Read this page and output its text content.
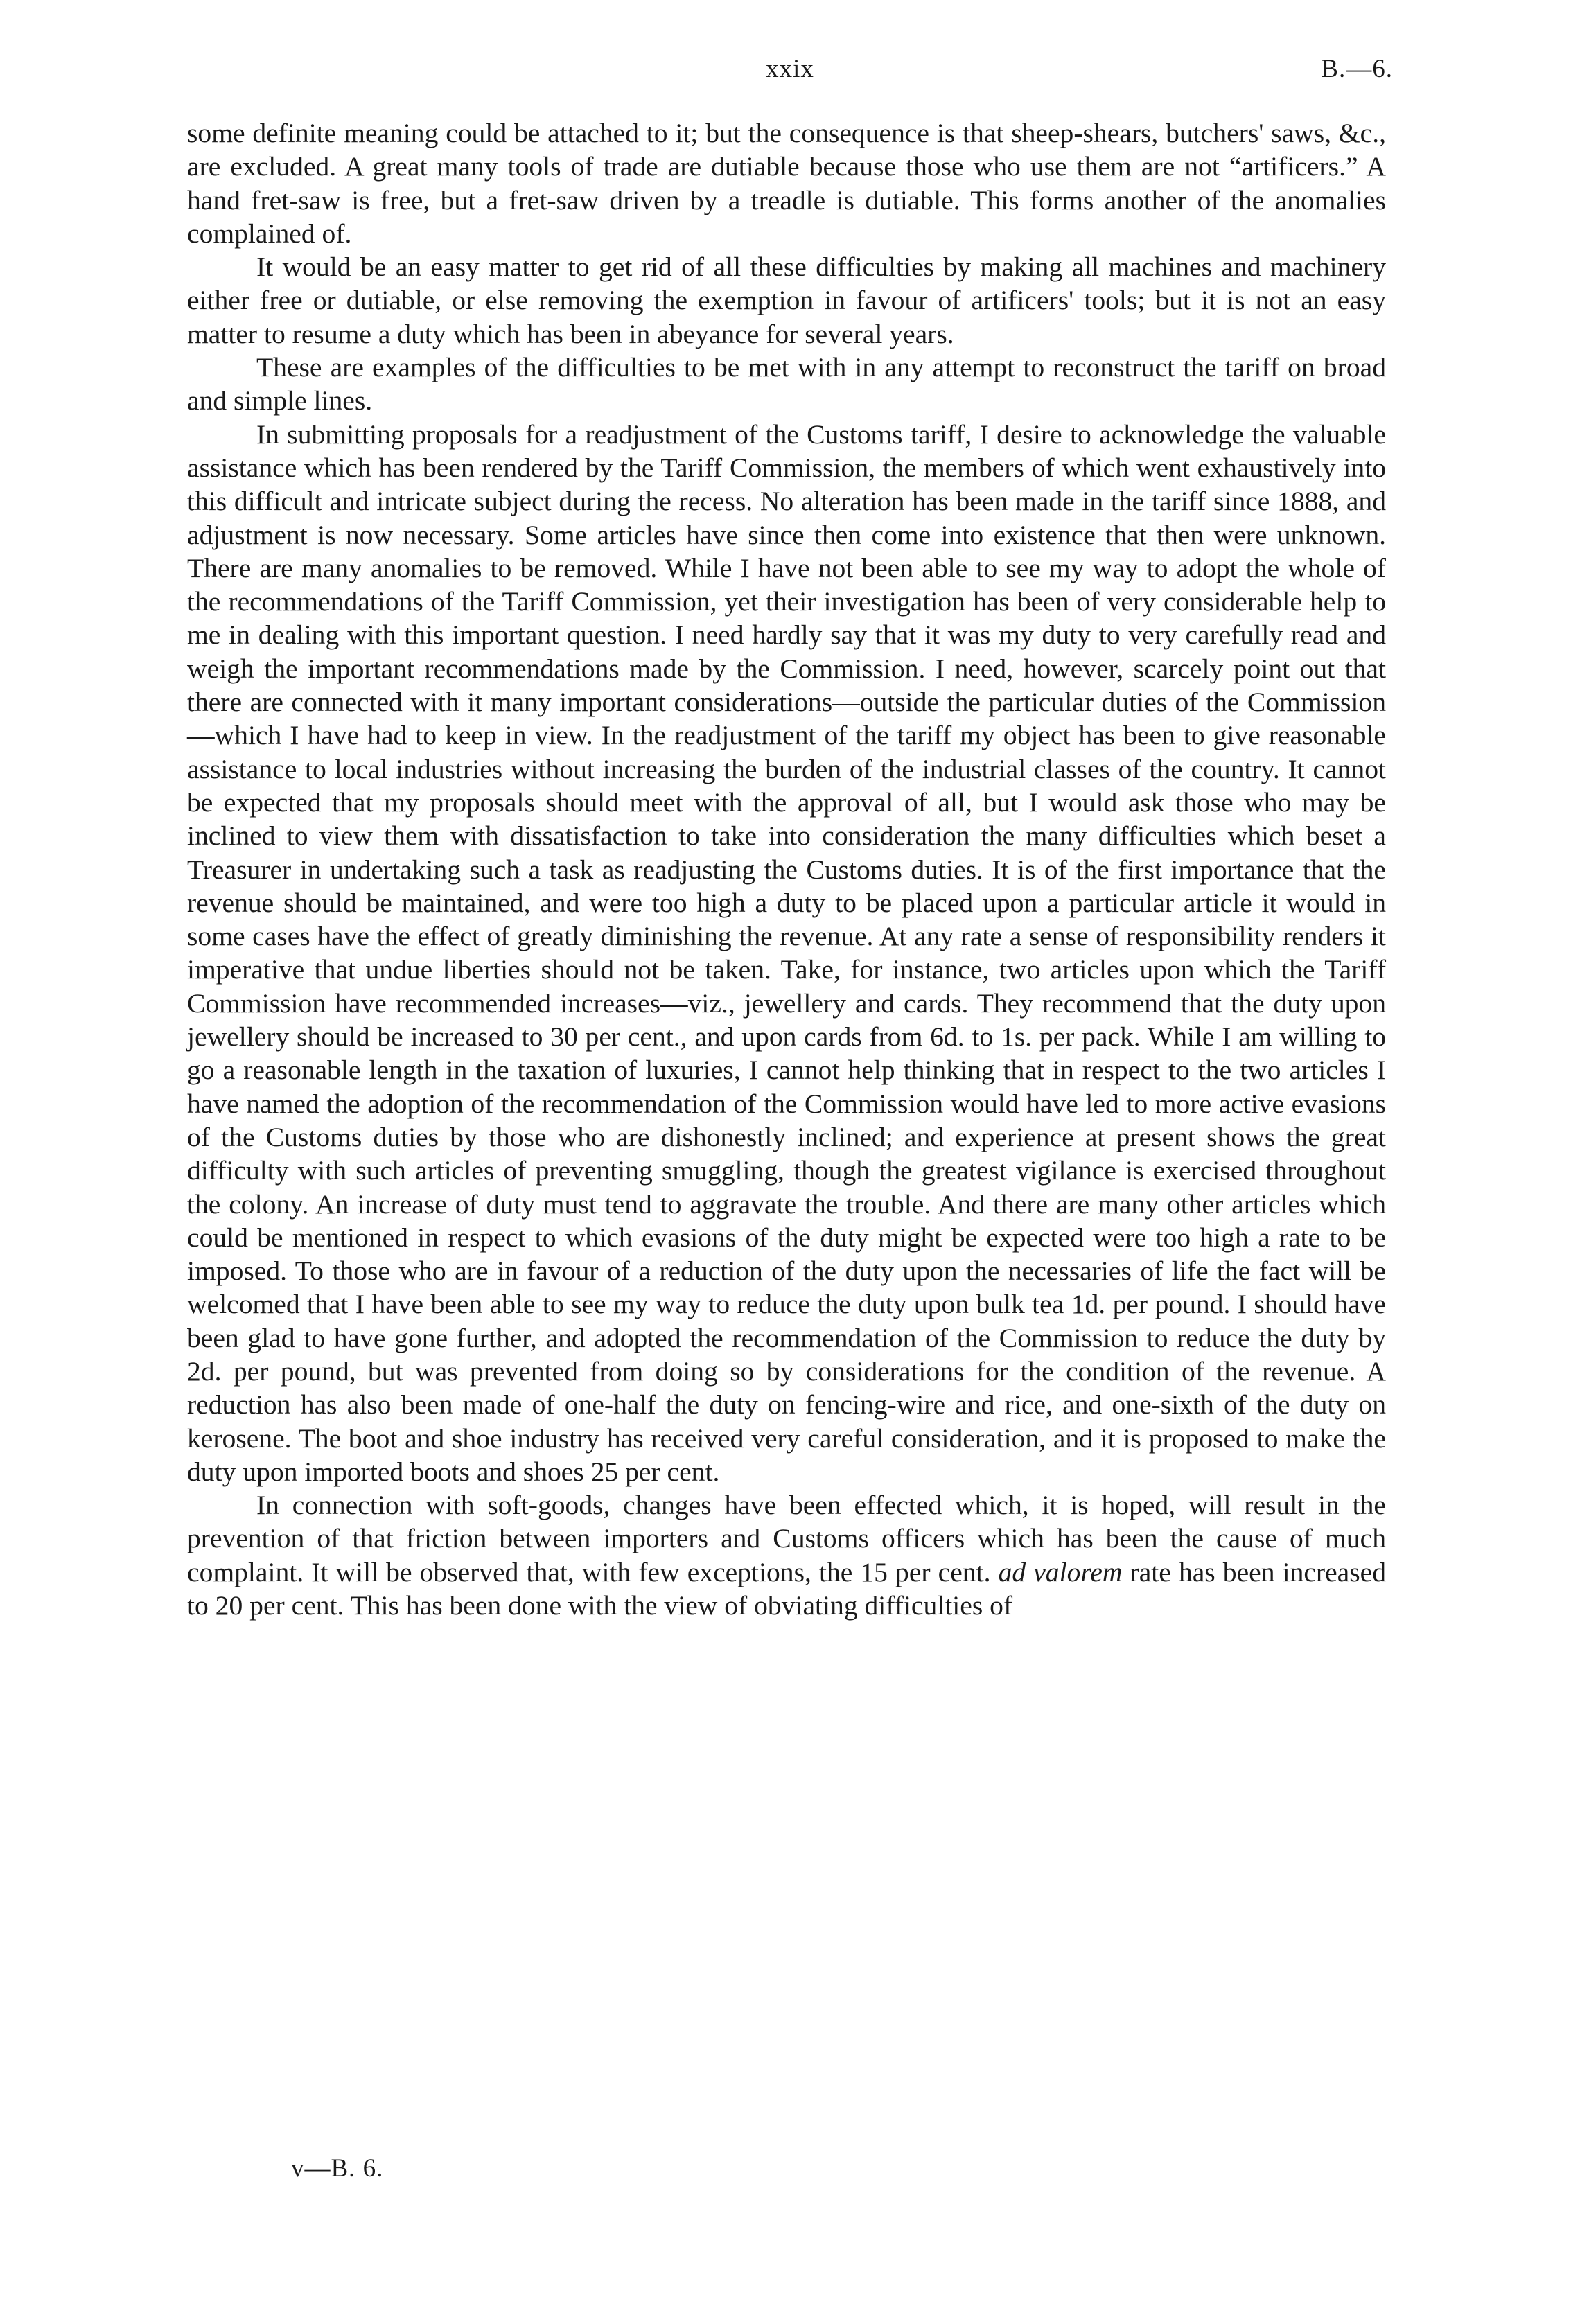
xxix	B.—6.

some definite meaning could be attached to it; but the consequence is that sheep-shears, butchers' saws, &c., are excluded. A great many tools of trade are dutiable because those who use them are not “artificers.” A hand fret-saw is free, but a fret-saw driven by a treadle is dutiable. This forms another of the anomalies complained of.

It would be an easy matter to get rid of all these difficulties by making all machines and machinery either free or dutiable, or else removing the exemption in favour of artificers' tools; but it is not an easy matter to resume a duty which has been in abeyance for several years.

These are examples of the difficulties to be met with in any attempt to reconstruct the tariff on broad and simple lines.

In submitting proposals for a readjustment of the Customs tariff, I desire to acknowledge the valuable assistance which has been rendered by the Tariff Commission, the members of which went exhaustively into this difficult and intricate subject during the recess. No alteration has been made in the tariff since 1888, and adjustment is now necessary. Some articles have since then come into existence that then were unknown. There are many anomalies to be removed. While I have not been able to see my way to adopt the whole of the recommendations of the Tariff Commission, yet their investigation has been of very considerable help to me in dealing with this important question. I need hardly say that it was my duty to very carefully read and weigh the important recommendations made by the Commission. I need, however, scarcely point out that there are connected with it many important considerations—outside the particular duties of the Commission—which I have had to keep in view. In the readjustment of the tariff my object has been to give reasonable assistance to local industries without increasing the burden of the industrial classes of the country. It cannot be expected that my proposals should meet with the approval of all, but I would ask those who may be inclined to view them with dissatisfaction to take into consideration the many difficulties which beset a Treasurer in undertaking such a task as readjusting the Customs duties. It is of the first importance that the revenue should be maintained, and were too high a duty to be placed upon a particular article it would in some cases have the effect of greatly diminishing the revenue. At any rate a sense of responsibility renders it imperative that undue liberties should not be taken. Take, for instance, two articles upon which the Tariff Commission have recommended increases—viz., jewellery and cards. They recommend that the duty upon jewellery should be increased to 30 per cent., and upon cards from 6d. to 1s. per pack. While I am willing to go a reasonable length in the taxation of luxuries, I cannot help thinking that in respect to the two articles I have named the adoption of the recommendation of the Commission would have led to more active evasions of the Customs duties by those who are dishonestly inclined; and experience at present shows the great difficulty with such articles of preventing smuggling, though the greatest vigilance is exercised throughout the colony. An increase of duty must tend to aggravate the trouble. And there are many other articles which could be mentioned in respect to which evasions of the duty might be expected were too high a rate to be imposed. To those who are in favour of a reduction of the duty upon the necessaries of life the fact will be welcomed that I have been able to see my way to reduce the duty upon bulk tea 1d. per pound. I should have been glad to have gone further, and adopted the recommendation of the Commission to reduce the duty by 2d. per pound, but was prevented from doing so by considerations for the condition of the revenue. A reduction has also been made of one-half the duty on fencing-wire and rice, and one-sixth of the duty on kerosene. The boot and shoe industry has received very careful consideration, and it is proposed to make the duty upon imported boots and shoes 25 per cent.

In connection with soft-goods, changes have been effected which, it is hoped, will result in the prevention of that friction between importers and Customs officers which has been the cause of much complaint. It will be observed that, with few exceptions, the 15 per cent. ad valorem rate has been increased to 20 per cent. This has been done with the view of obviating difficulties of

v—B. 6.
